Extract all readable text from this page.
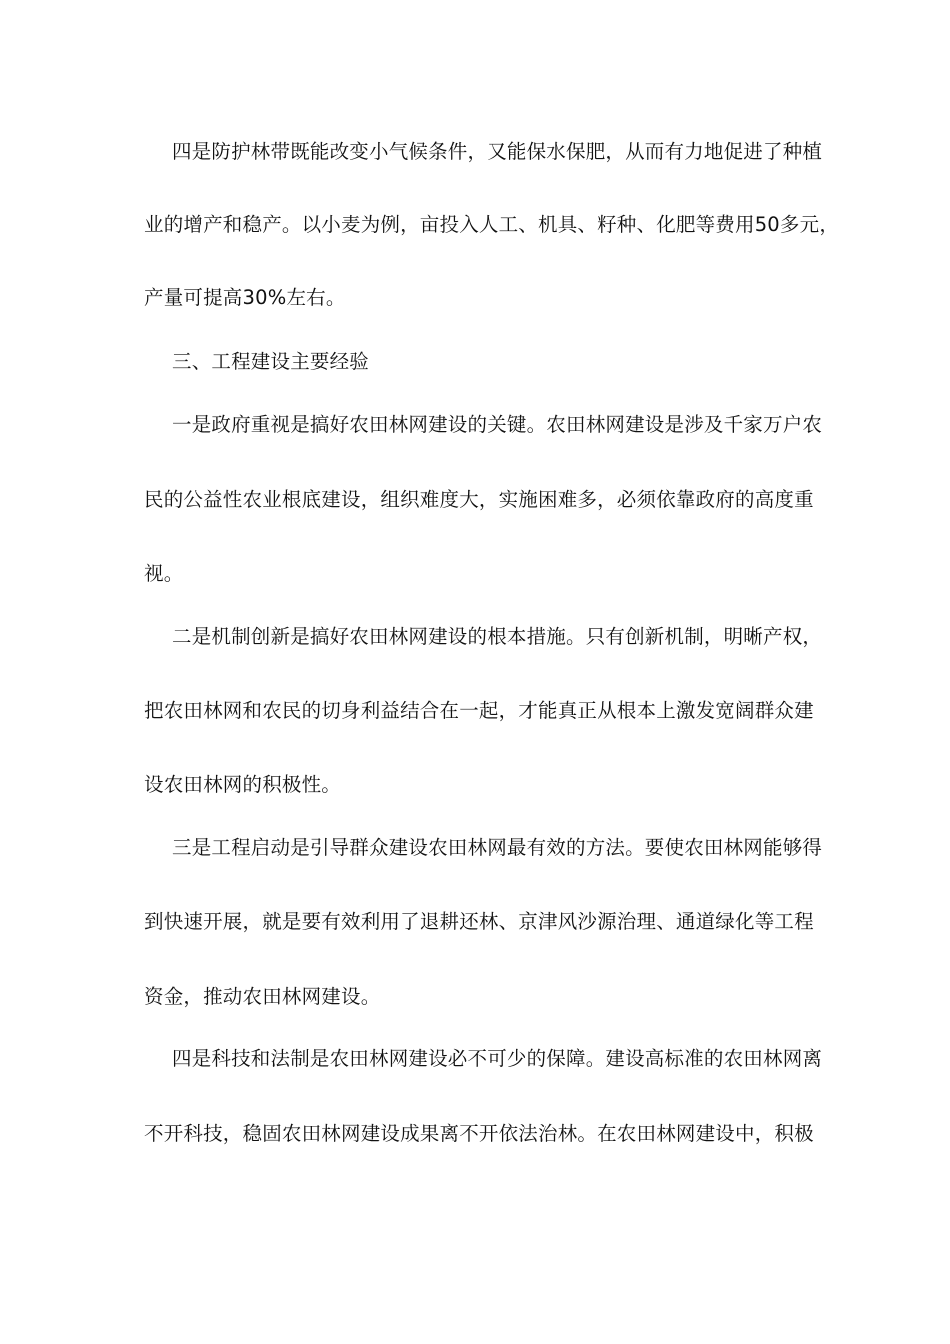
四是防护林带既能改变小气候条件，又能保水保肥，从而有力地促进了种植
业的增产和稳产。以小麦为例，亩投入人工、机具、籽种、化肥等费用50多元，
产量可提高30%左右。
三、工程建设主要经验
一是政府重视是搞好农田林网建设的关键。农田林网建设是涉及千家万户农
民的公益性农业根底建设，组织难度大，实施困难多，必须依靠政府的高度重
视。
二是机制创新是搞好农田林网建设的根本措施。只有创新机制，明晰产权，
把农田林网和农民的切身利益结合在一起，才能真正从根本上激发宽阔群众建
设农田林网的积极性。
三是工程启动是引导群众建设农田林网最有效的方法。要使农田林网能够得
到快速开展，就是要有效利用了退耕还林、京津风沙源治理、通道绿化等工程
资金，推动农田林网建设。
四是科技和法制是农田林网建设必不可少的保障。建设高标准的农田林网离
不开科技，稳固农田林网建设成果离不开依法治林。在农田林网建设中，积极
